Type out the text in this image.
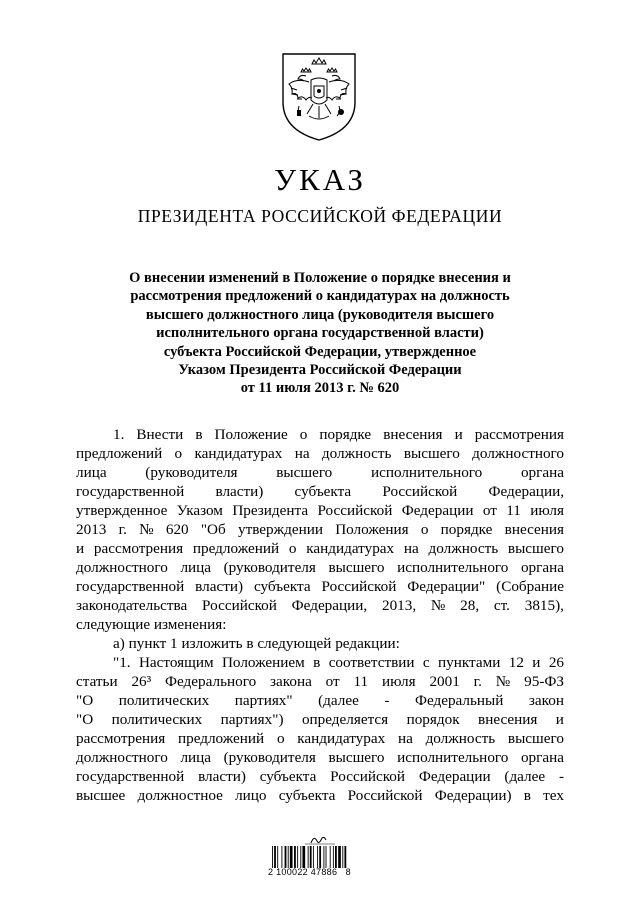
УКАЗ
ПРЕЗИДЕНТА РОССИЙСКОЙ ФЕДЕРАЦИИ
О внесении изменений в Положение о порядке внесения и
рассмотрения предложений о кандидатурах на должность
высшего должностного лица (руководителя высшего
исполнительного органа государственной власти)
субъекта Российской Федерации, утвержденное
Указом Президента Российской Федерации
от 11 июля 2013 г. № 620
1. Внести в Положение о порядке внесения и рассмотрения
предложений о кандидатурах на должность высшего должностного
лица	(руководителя	высшего	исполнительного	органа
государственной власти) субъекта Российской Федерации,
утвержденное Указом Президента Российской Федерации от 11 июля
2013 г. № 620 "Об утверждении Положения о порядке внесения
и рассмотрения предложений о кандидатурах на должность высшего
должностного лица (руководителя высшего исполнительного органа
государственной власти) субъекта Российской Федерации" (Собрание
законодательства Российской Федерации, 2013, № 28, ст. 3815),
следующие изменения:
а) пункт 1 изложить в следующей редакции:
"1. Настоящим Положением в соответствии с пунктами 12 и 26
статьи 26³ Федерального закона от 11 июля 2001 г. № 95-ФЗ
"О политических партиях" (далее - Федеральный закон
"О политических партиях") определяется порядок внесения и
рассмотрения предложений о кандидатурах на должность высшего
должностного лица (руководителя высшего исполнительного органа
государственной власти) субъекта Российской Федерации (далее -
высшее должностное лицо субъекта Российской Федерации) в тех
2 100022 47886   8
